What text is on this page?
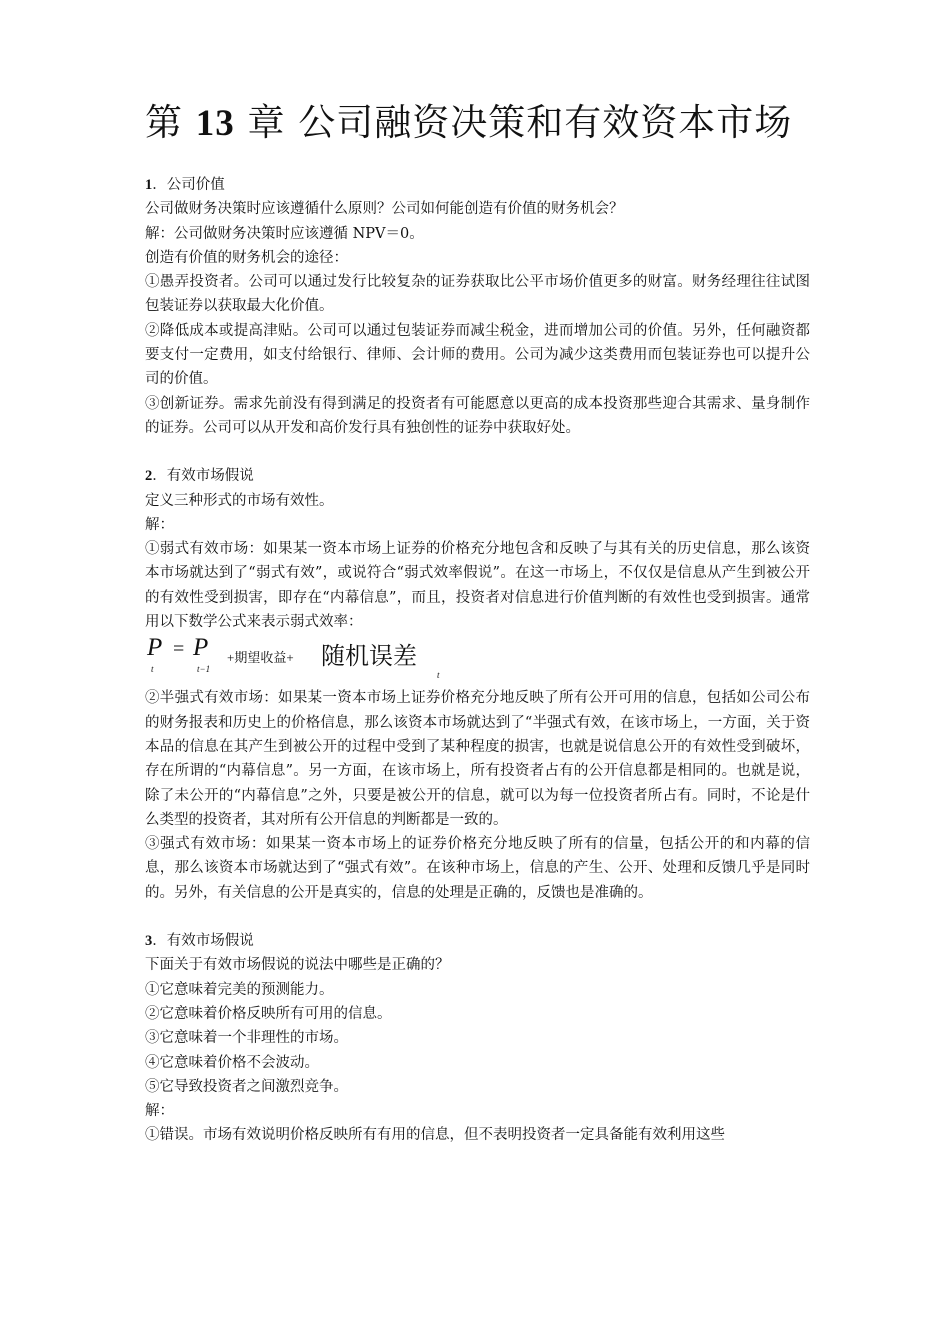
第 13 章 公司融资决策和有效资本市场

1．公司价值

公司做财务决策时应该遵循什么原则？公司如何能创造有价值的财务机会？

解：公司做财务决策时应该遵循 NPV＝0。

创造有价值的财务机会的途径：

①愚弄投资者。公司可以通过发行比较复杂的证券获取比公平市场价值更多的财富。财务经理往往试图包装证券以获取最大化价值。

②降低成本或提高津贴。公司可以通过包装证券而减尘税金，进而增加公司的价值。另外，任何融资都要支付一定费用，如支付给银行、律师、会计师的费用。公司为减少这类费用而包装证券也可以提升公司的价值。

③创新证券。需求先前没有得到满足的投资者有可能愿意以更高的成本投资那些迎合其需求、量身制作的证券。公司可以从开发和高价发行具有独创性的证券中获取好处。

2．有效市场假说

定义三种形式的市场有效性。

解：

①弱式有效市场：如果某一资本市场上证券的价格充分地包含和反映了与其有关的历史信息，那么该资本市场就达到了“弱式有效”，或说符合“弱式效率假说”。在这一市场上，不仅仅是信息从产生到被公开的有效性受到损害，即存在“内幕信息”，而且，投资者对信息进行价值判断的有效性也受到损害。通常用以下数学公式来表示弱式效率：

P
t
= P
t−1
+期望收益+ 随机误差
t

②半强式有效市场：如果某一资本市场上证券价格充分地反映了所有公开可用的信息，包括如公司公布的财务报表和历史上的价格信息，那么该资本市场就达到了“半强式有效，在该市场上，一方面，关于资本品的信息在其产生到被公开的过程中受到了某种程度的损害，也就是说信息公开的有效性受到破坏，存在所谓的“内幕信息”。另一方面，在该市场上，所有投资者占有的公开信息都是相同的。也就是说，除了未公开的“内幕信息”之外，只要是被公开的信息，就可以为每一位投资者所占有。同时，不论是什么类型的投资者，其对所有公开信息的判断都是一致的。

③强式有效市场：如果某一资本市场上的证券价格充分地反映了所有的信量，包括公开的和内幕的信息，那么该资本市场就达到了“强式有效”。在该种市场上，信息的产生、公开、处理和反馈几乎是同时的。另外，有关信息的公开是真实的，信息的处理是正确的，反馈也是准确的。

3．有效市场假说

下面关于有效市场假说的说法中哪些是正确的？

①它意味着完美的预测能力。

②它意味着价格反映所有可用的信息。

③它意味着一个非理性的市场。

④它意味着价格不会波动。

⑤它导致投资者之间激烈竞争。

解：

①错误。市场有效说明价格反映所有有用的信息，但不表明投资者一定具备能有效利用这些
